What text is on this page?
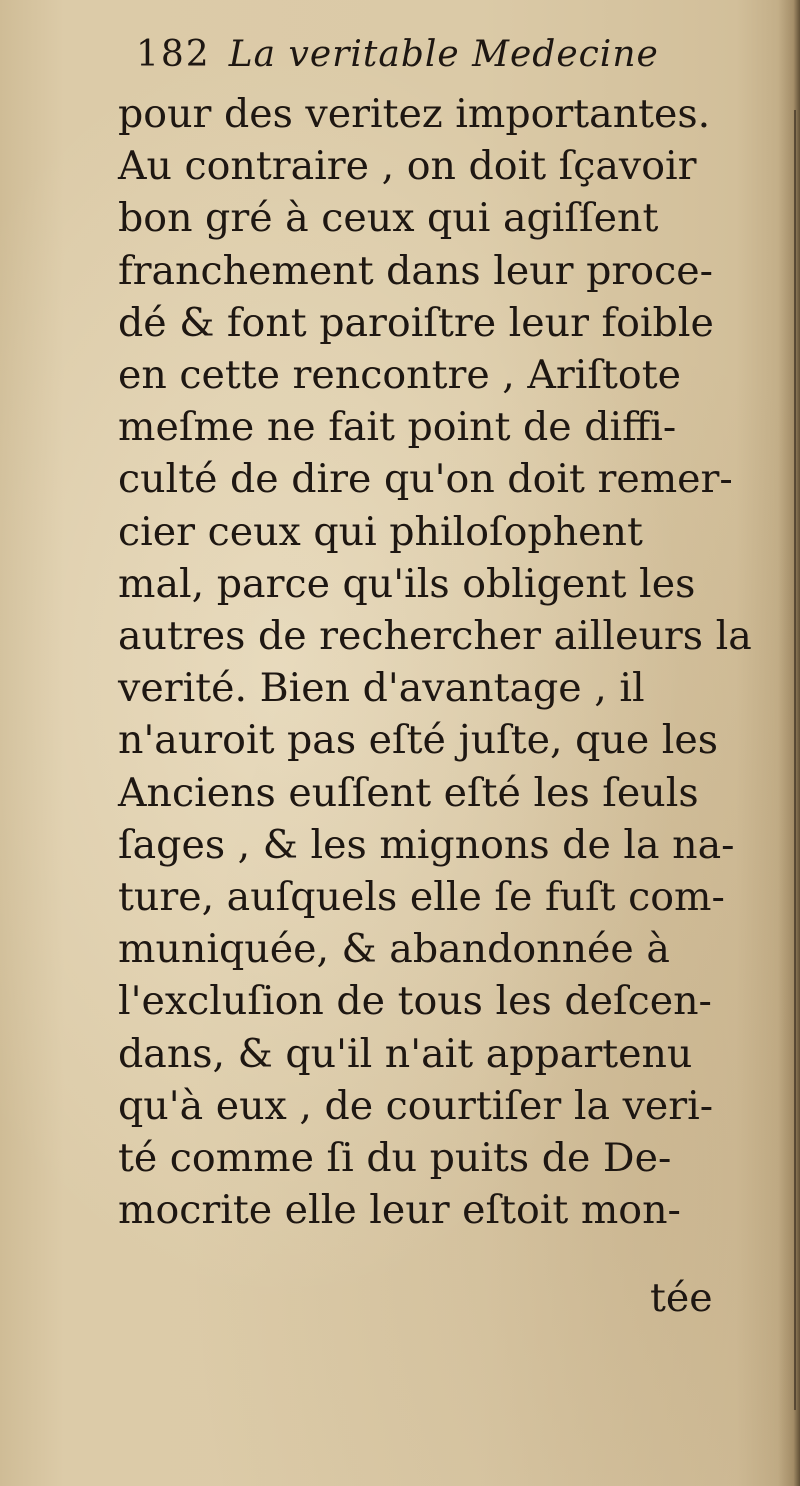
182 La veritable Medecine
pour des veritez importantes.
Au contraire , on doit ſçavoir
bon gré à ceux qui agiſſent
franchement dans leur proce-
dé & font paroiſtre leur foible
en cette rencontre , Ariſtote
meſme ne fait point de diffi-
culté de dire qu'on doit remer-
cier ceux qui philoſophent
mal, parce qu'ils obligent les
autres de rechercher ailleurs la
verité. Bien d'avantage , il
n'auroit pas eſté juſte, que les
Anciens euſſent eſté les ſeuls
ſages , & les mignons de la na-
ture, auſquels elle ſe fuſt com-
muniquée, & abandonnée à
l'excluſion de tous les deſcen-
dans, & qu'il n'ait appartenu
qu'à eux , de courtiſer la veri-
té comme ſi du puits de De-
mocrite elle leur eſtoit mon-
tée
